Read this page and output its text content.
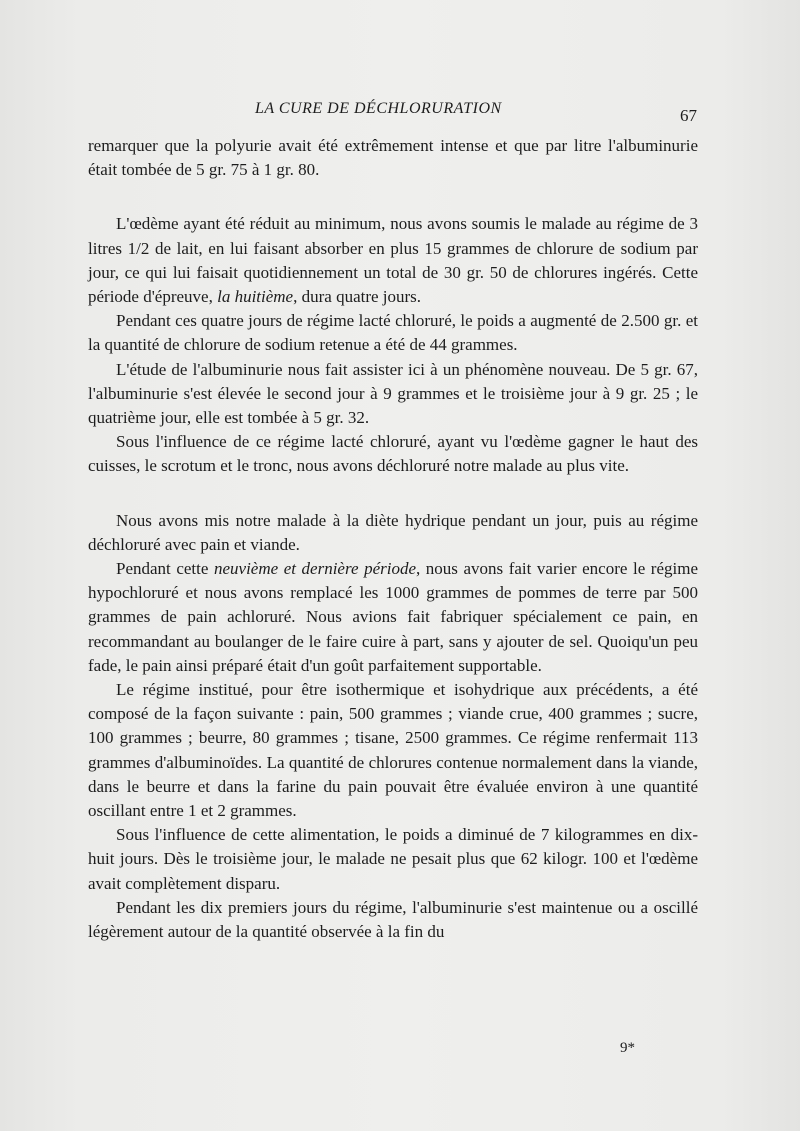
LA CURE DE DÉCHLORURATION	67

remarquer que la polyurie avait été extrêmement intense et que par litre l'albuminurie était tombée de 5 gr. 75 à 1 gr. 80.

L'œdème ayant été réduit au minimum, nous avons soumis le malade au régime de 3 litres 1/2 de lait, en lui faisant absorber en plus 15 grammes de chlorure de sodium par jour, ce qui lui faisait quotidiennement un total de 30 gr. 50 de chlorures ingérés. Cette période d'épreuve, la huitième, dura quatre jours.

Pendant ces quatre jours de régime lacté chloruré, le poids a augmenté de 2.500 gr. et la quantité de chlorure de sodium retenue a été de 44 grammes.

L'étude de l'albuminurie nous fait assister ici à un phénomène nouveau. De 5 gr. 67, l'albuminurie s'est élevée le second jour à 9 grammes et le troisième jour à 9 gr. 25 ; le quatrième jour, elle est tombée à 5 gr. 32.

Sous l'influence de ce régime lacté chloruré, ayant vu l'œdème gagner le haut des cuisses, le scrotum et le tronc, nous avons déchloruré notre malade au plus vite.

Nous avons mis notre malade à la diète hydrique pendant un jour, puis au régime déchloruré avec pain et viande.

Pendant cette neuvième et dernière période, nous avons fait varier encore le régime hypochloruré et nous avons remplacé les 1000 grammes de pommes de terre par 500 grammes de pain achloruré. Nous avions fait fabriquer spécialement ce pain, en recommandant au boulanger de le faire cuire à part, sans y ajouter de sel. Quoiqu'un peu fade, le pain ainsi préparé était d'un goût parfaitement supportable.

Le régime institué, pour être isothermique et isohydrique aux précédents, a été composé de la façon suivante : pain, 500 grammes ; viande crue, 400 grammes ; sucre, 100 grammes ; beurre, 80 grammes ; tisane, 2500 grammes. Ce régime renfermait 113 grammes d'albuminoïdes. La quantité de chlorures contenue normalement dans la viande, dans le beurre et dans la farine du pain pouvait être évaluée environ à une quantité oscillant entre 1 et 2 grammes.

Sous l'influence de cette alimentation, le poids a diminué de 7 kilogrammes en dix-huit jours. Dès le troisième jour, le malade ne pesait plus que 62 kilogr. 100 et l'œdème avait complètement disparu.

Pendant les dix premiers jours du régime, l'albuminurie s'est maintenue ou a oscillé légèrement autour de la quantité observée à la fin du

9*
